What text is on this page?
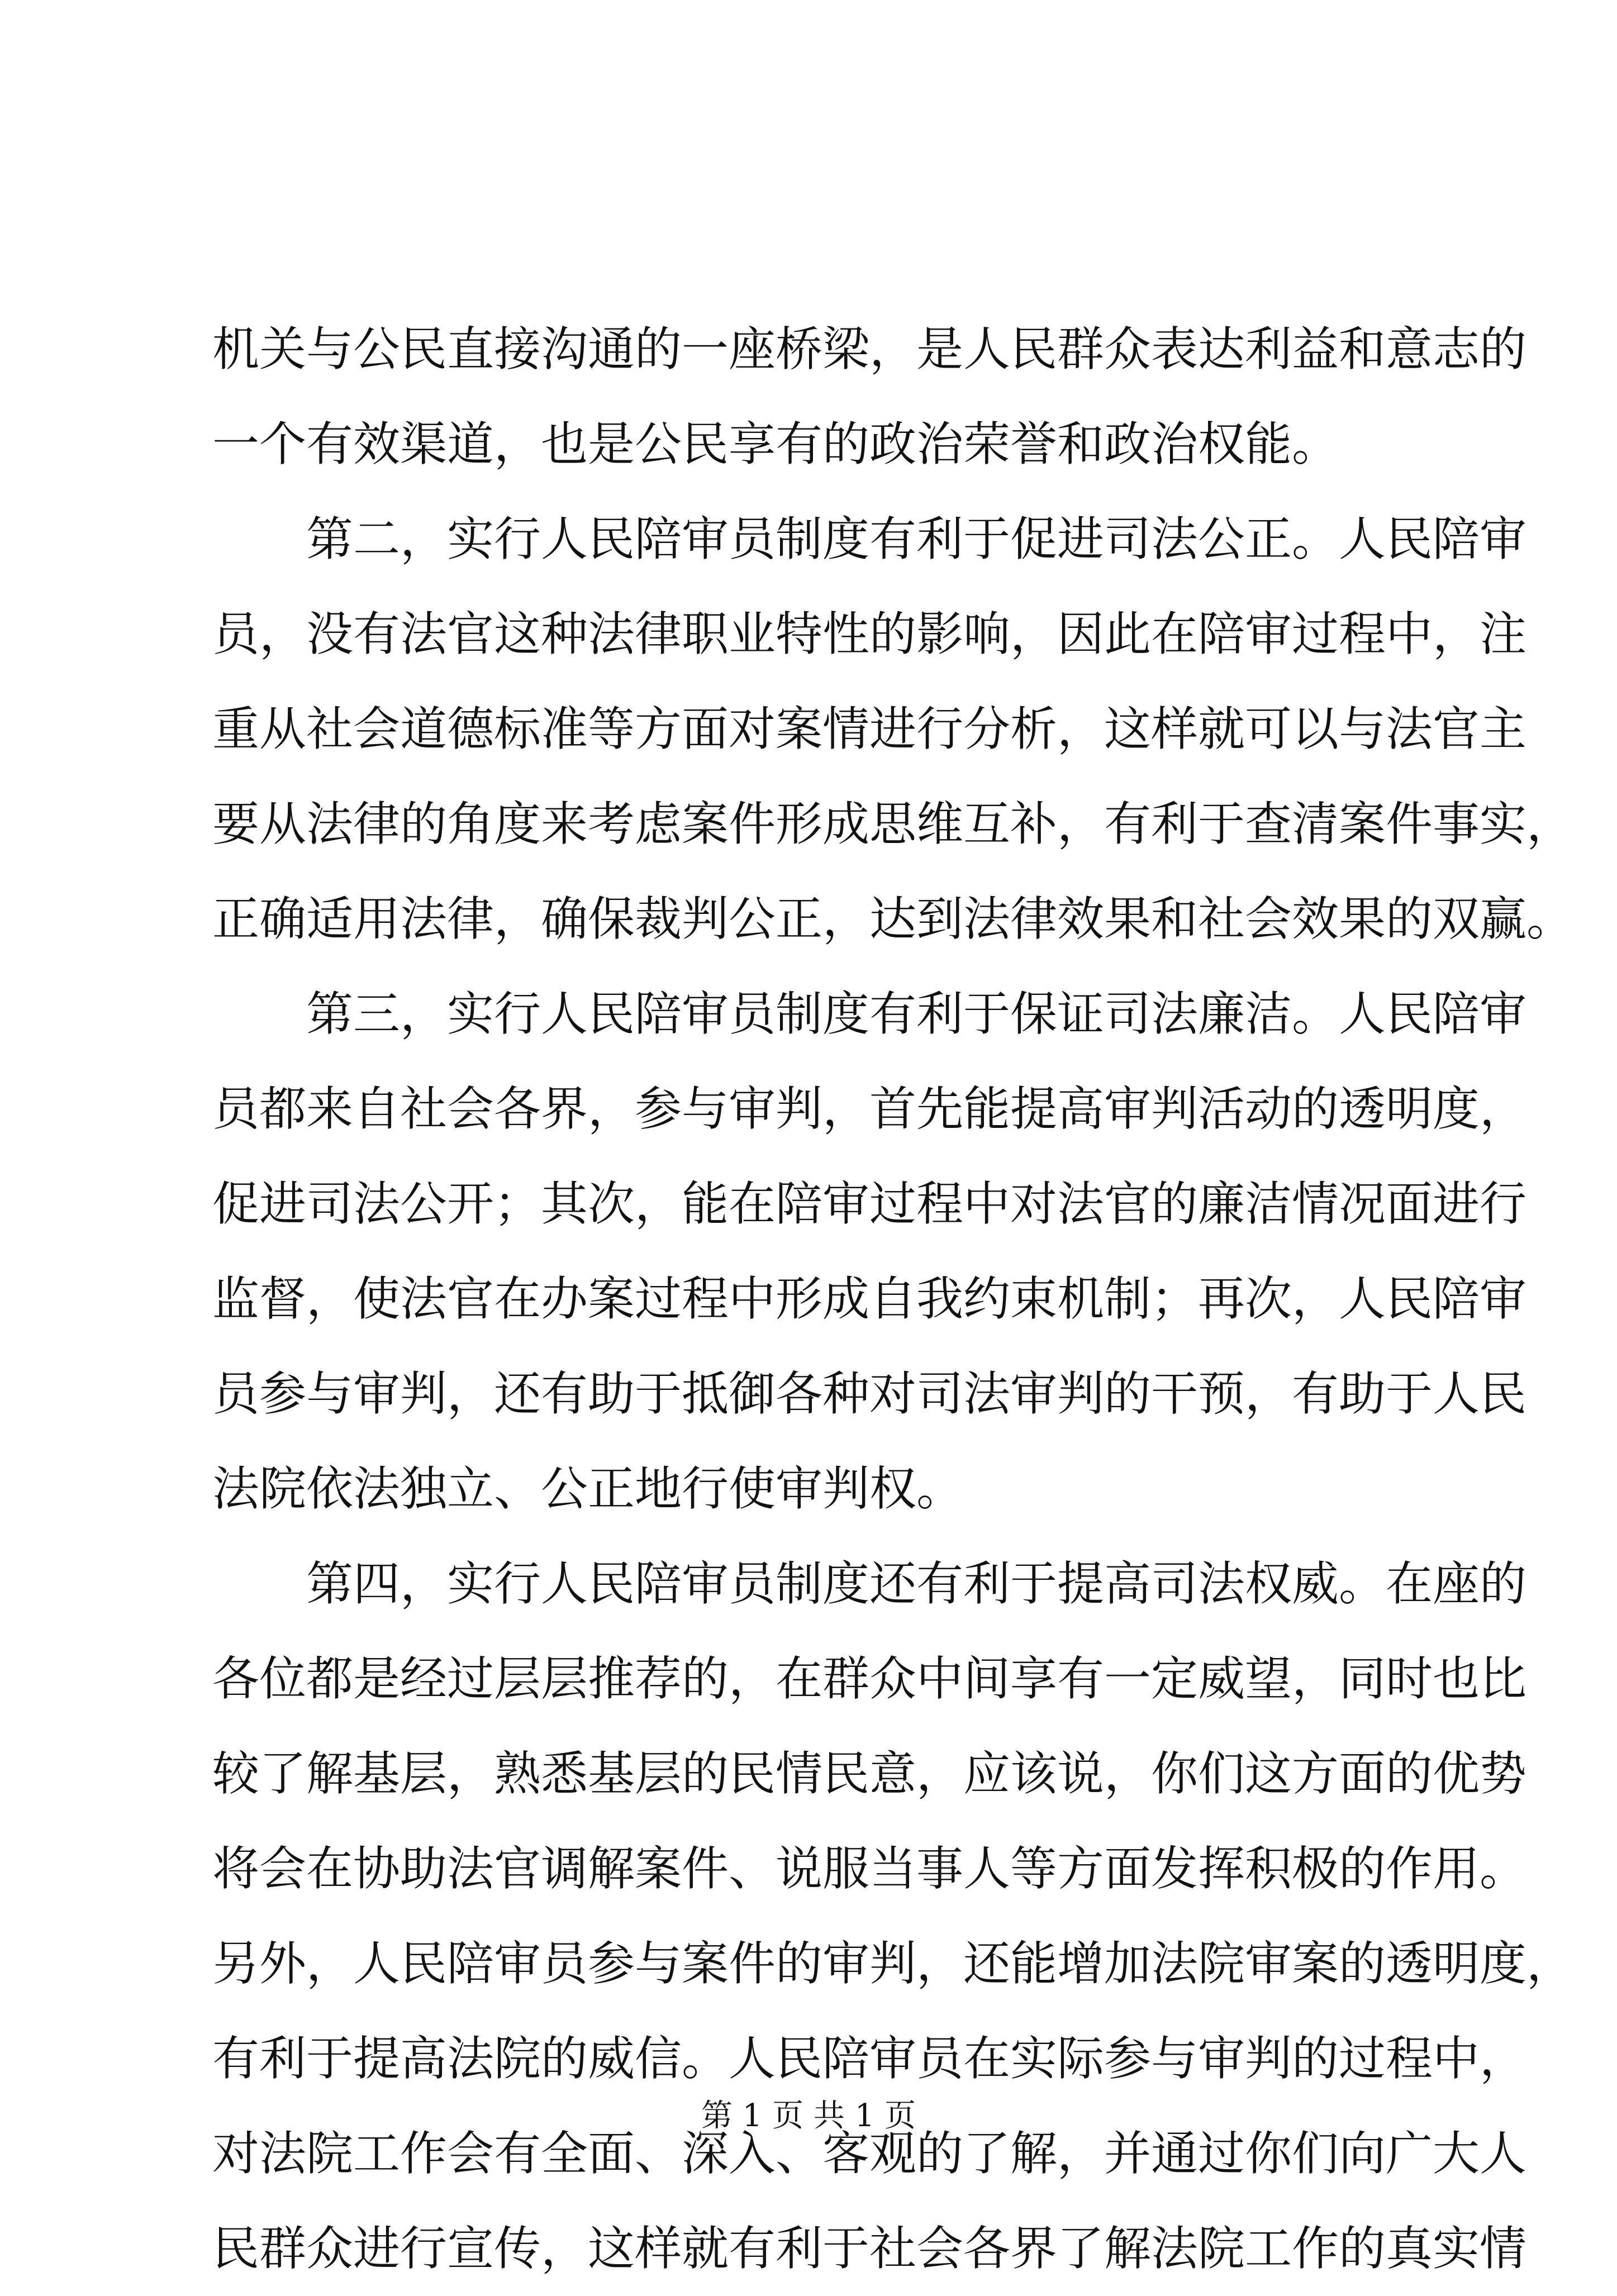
机关与公民直接沟通的一座桥梁，是人民群众表达利益和意志的
一个有效渠道，也是公民享有的政治荣誉和政治权能。
第二，实行人民陪审员制度有利于促进司法公正。人民陪审
员，没有法官这种法律职业特性的影响，因此在陪审过程中，注
重从社会道德标准等方面对案情进行分析，这样就可以与法官主
要从法律的角度来考虑案件形成思维互补，有利于查清案件事实，
正确适用法律，确保裁判公正，达到法律效果和社会效果的双赢。
第三，实行人民陪审员制度有利于保证司法廉洁。人民陪审
员都来自社会各界，参与审判，首先能提高审判活动的透明度，
促进司法公开；其次，能在陪审过程中对法官的廉洁情况面进行
监督，使法官在办案过程中形成自我约束机制；再次，人民陪审
员参与审判，还有助于抵御各种对司法审判的干预，有助于人民
法院依法独立、公正地行使审判权。
第四，实行人民陪审员制度还有利于提高司法权威。在座的
各位都是经过层层推荐的，在群众中间享有一定威望，同时也比
较了解基层，熟悉基层的民情民意，应该说，你们这方面的优势
将会在协助法官调解案件、说服当事人等方面发挥积极的作用。
另外，人民陪审员参与案件的审判，还能增加法院审案的透明度，
有利于提高法院的威信。人民陪审员在实际参与审判的过程中，
对法院工作会有全面、深入、客观的了解，并通过你们向广大人
民群众进行宣传，这样就有利于社会各界了解法院工作的真实情
第 1 页 共 1 页
